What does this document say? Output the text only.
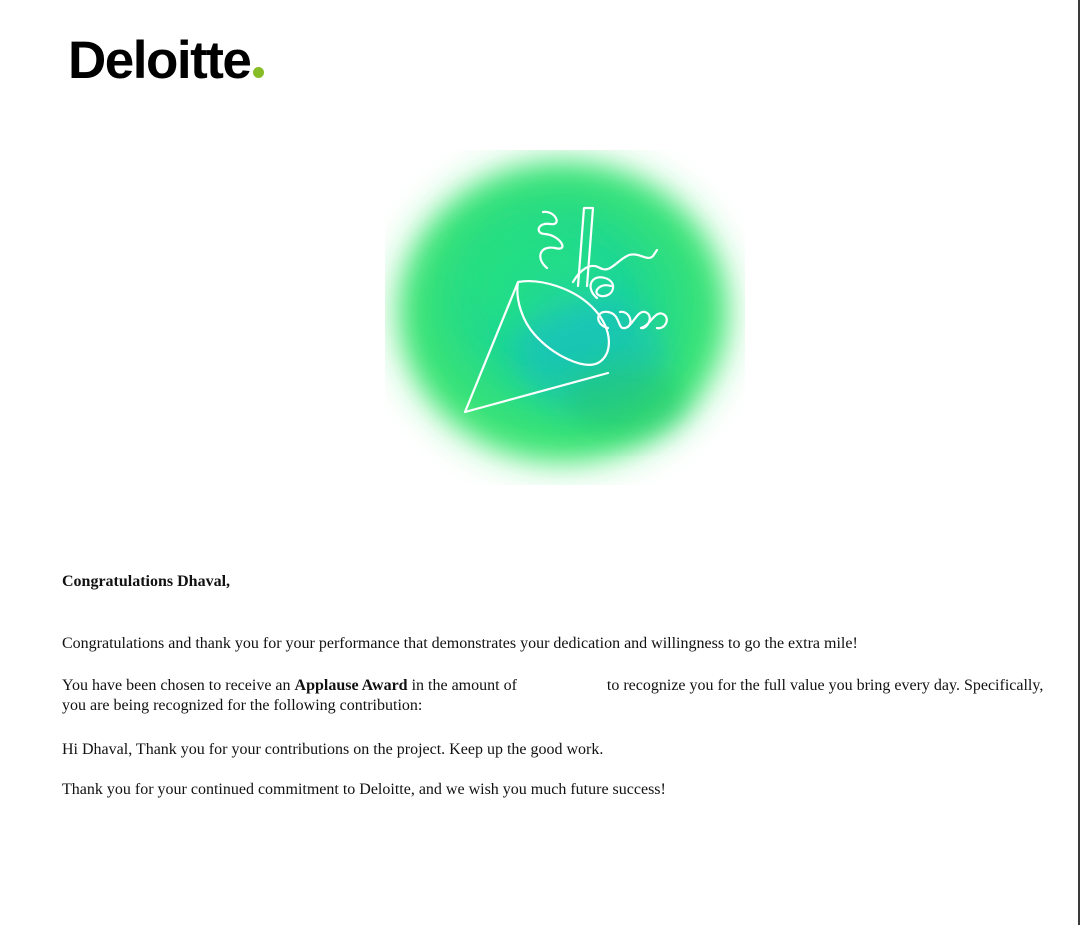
Deloitte

Congratulations Dhaval,

Congratulations and thank you for your performance that demonstrates your dedication and willingness to go the extra mile!

You have been chosen to receive an Applause Award in the amount of	to recognize you for the full value you bring every day. Specifically, you are being recognized for the following contribution:

Hi Dhaval, Thank you for your contributions on the project. Keep up the good work.

Thank you for your continued commitment to Deloitte, and we wish you much future success!
